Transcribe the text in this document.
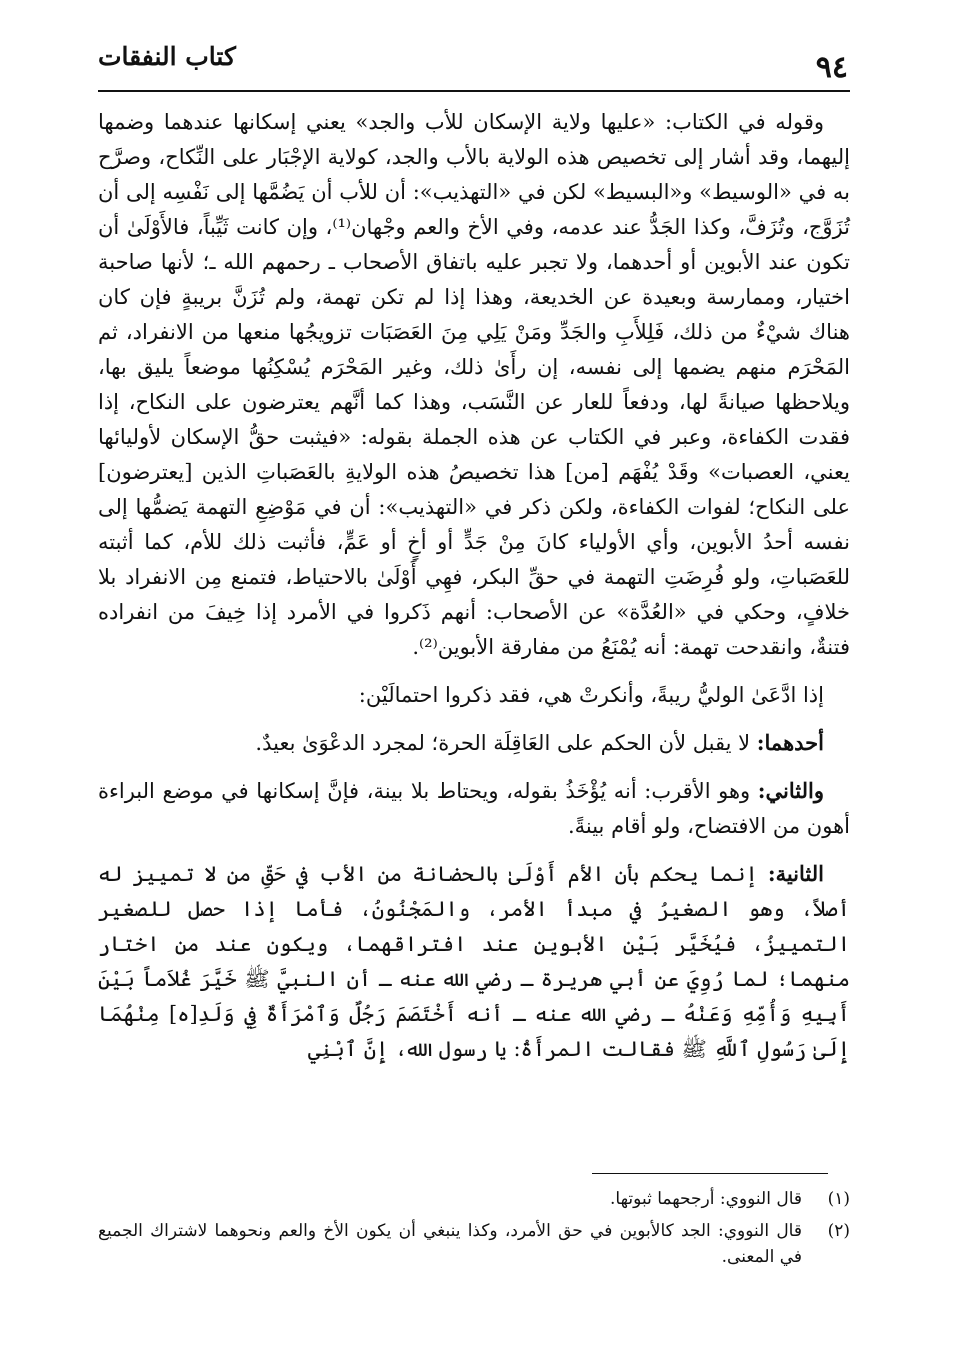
٩٤
كتاب النفقات

وقوله في الكتاب: «عليها ولاية الإسكان للأب والجد» يعني إسكانها عندهما وضمها إليهما، وقد أشار إلى تخصيص هذه الولاية بالأب والجد، كولاية الإجْبَار على النِّكاح، وصرَّح به في «الوسيط» و«البسيط» لكن في «التهذيب»: أن للأب أن يَضُمَّها إلى نَفْسِه إلى أن تُزَوَّج، وتُزَفَّ، وكذا الجَدُّ عند عدمه، وفي الأخ والعم وجْهان⁽¹⁾، وإن كانت ثَيِّباً، فالأَوْلَىٰ أن تكون عند الأبوين أو أحدهما، ولا تجبر عليه باتفاق الأصحاب ـ رحمهم الله ـ؛ لأنها صاحبة اختيار، وممارسة وبعيدة عن الخديعة، وهذا إذا لم تكن تهمة، ولم تُزَنَّ بريبةٍ فإن كان هناك شيْءٌ من ذلك، فَلِلأَبِ والجَدِّ ومَنْ يَلِي مِنَ العَصَبَات تزويجُها منعها من الانفراد، ثم المَحْرَم منهم يضمها إلى نفسه، إن رأَىٰ ذلك، وغير المَحْرَم يُسْكِنُها موضعاً يليق بها، ويلاحظها صيانةً لها، ودفعاً للعار عن النَّسَب، وهذا كما أنَّهم يعترضون على النكاح، إذا فقدت الكفاءة، وعبر في الكتاب عن هذه الجملة بقوله: «فيثبت حقُّ الإسكان لأوليائها يعني، العصبات» وقَدْ يُفْهَم [من] هذا تخصيصُ هذه الولايةِ بالعَصَباتِ الذين [يعترضون] على النكاح؛ لفوات الكفاءة، ولكن ذكر في «التهذيب»: أن في مَوْضِعِ التهمة يَضمُّها إلى نفسه أحدُ الأبوين، وأي الأولياء كانَ مِنْ جَدٍّ أو أخٍ أو عَمٍّ، فأثبت ذلك للأم، كما أثبته للعَصَباتِ، ولو فُرِضَتِ التهمة في حقِّ البكر، فهِي أَوْلَىٰ بالاحتياط، فتمنع مِن الانفراد بلا خلافٍ، وحكي في «العُدَّة» عن الأصحاب: أنهم ذَكروا في الأمرد إذا خِيفَ من انفراده فتنةٌ، وانقدحت تهمة: أنه يُمْنَعُ من مفارقة الأبوين⁽²⁾.

إذا ادَّعَىٰ الوليُّ ريبةً، وأنكرتْ هي، فقد ذكروا احتمالَيْن:

أحدهما: لا يقبل لأن الحكم على العَاقِلَة الحرة؛ لمجرد الدعْوَىٰ بعيدٌ.

والثاني: وهو الأقرب: أنه يُؤْخَذُ بقوله، ويحتاط بلا بينة، فإنَّ إسكانها في موضع البراءة أهون من الافتضاح، ولو أقام بينةً.

الثانية: إنما يحكم بأن الأم أَوْلَىٰ بالحضانة من الأب في حَقِّ من لا تمييز له أصلاً، وهو الصغيرُ في مبدأ الأمر، والمَجْنُونُ، فأما إذا حصل للصغير التمييزُ، فيُخَيَّر بَيْن الأبوين عند افتراقهما، ويكون عند من اختار منهما؛ لما رُوِيَ عن أبي هريرة ـ رضي الله عنه ـ أن النبيَّ ﷺ خَيَّرَ غُلاَماً بَيْنَ أَبِيهِ وَأُمِّهِ وَعَنْهُ ـ رضي الله عنه ـ أنه أَخْتَصَمَ رَجُلٌ وَٱمْرَأَةٌ فِي وَلَدِ[ه] مِنْهُمَا إِلَىٰ رَسُولِ ٱللَّهِ ﷺ فقالت المرأَةُ: يا رسول الله، إِنَّ ٱبْنِي

(١)
قال النووي: أرجحهما ثبوتها.
(٢)
قال النووي: الجد كالأبوين في حق الأمرد، وكذا ينبغي أن يكون الأخ والعم ونحوهما لاشتراك الجميع في المعنى.
